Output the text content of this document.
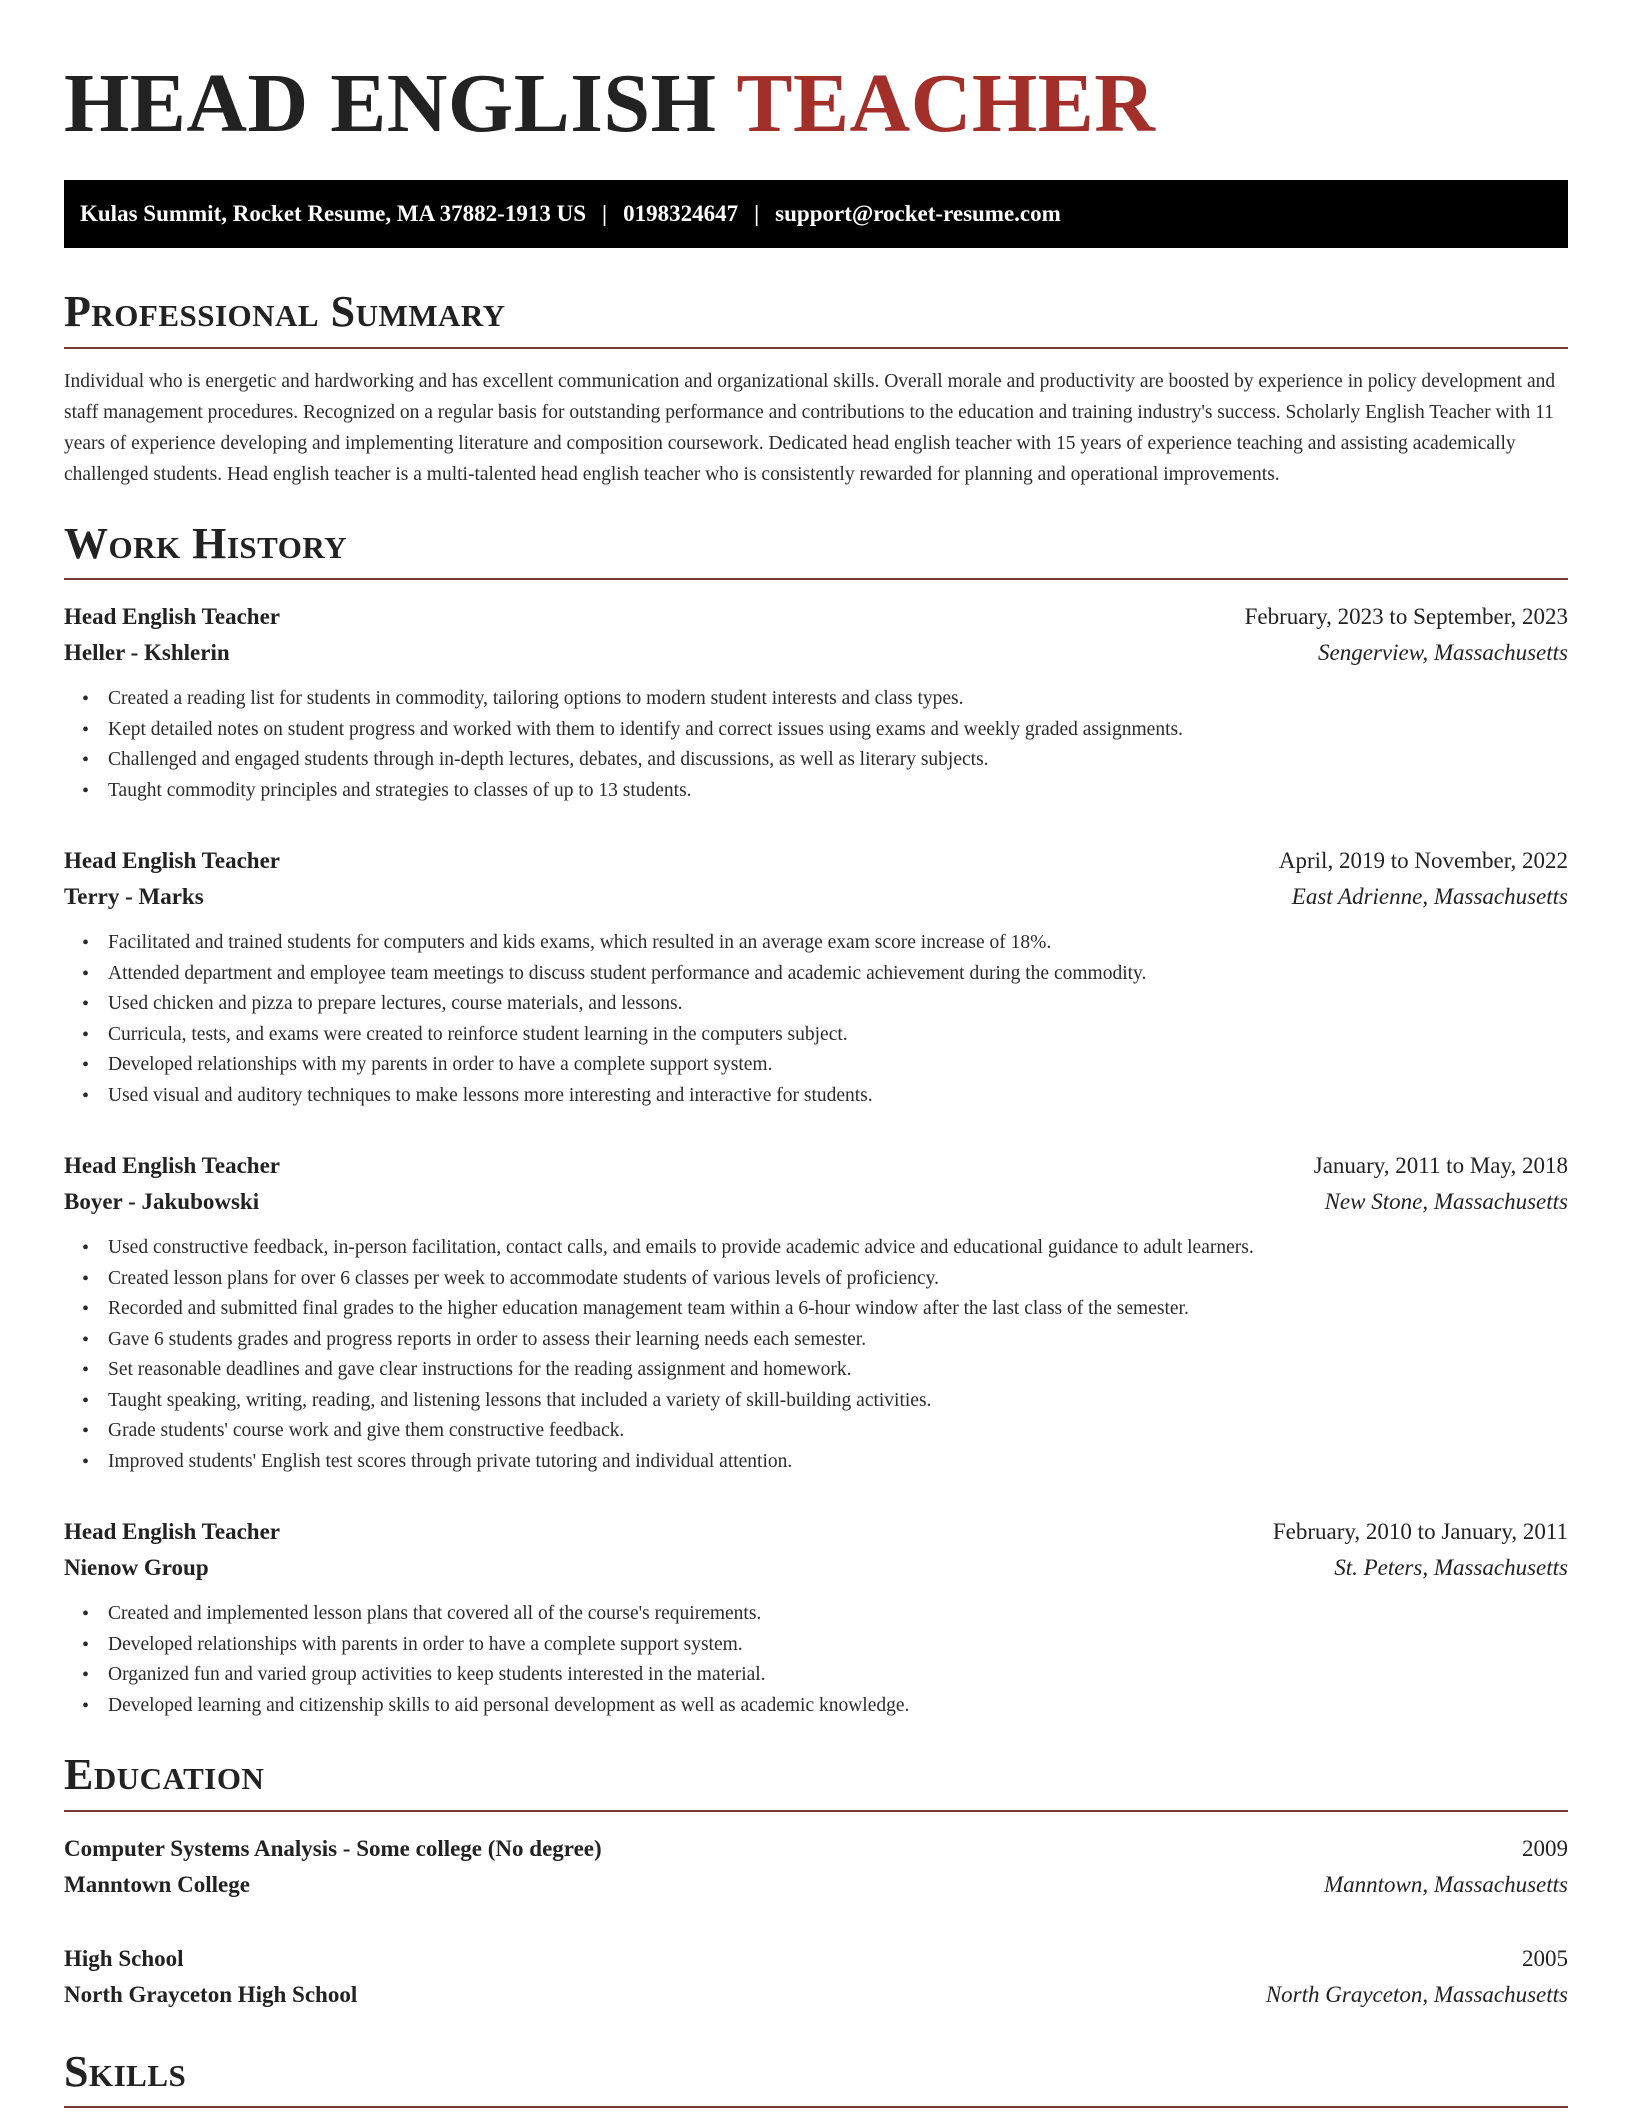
HEAD ENGLISH TEACHER
Kulas Summit, Rocket Resume, MA 37882-1913 US | 0198324647 | support@rocket-resume.com
Professional Summary

Individual who is energetic and hardworking and has excellent communication and organizational skills. Overall morale and productivity are boosted by experience in policy development and staff management procedures. Recognized on a regular basis for outstanding performance and contributions to the education and training industry's success. Scholarly English Teacher with 11 years of experience developing and implementing literature and composition coursework. Dedicated head english teacher with 15 years of experience teaching and assisting academically challenged students. Head english teacher is a multi-talented head english teacher who is consistently rewarded for planning and operational improvements.

Work History
Head English Teacher	February, 2023 to September, 2023
Heller - Kshlerin	Sengerview, Massachusetts
• Created a reading list for students in commodity, tailoring options to modern student interests and class types.
• Kept detailed notes on student progress and worked with them to identify and correct issues using exams and weekly graded assignments.
• Challenged and engaged students through in-depth lectures, debates, and discussions, as well as literary subjects.
• Taught commodity principles and strategies to classes of up to 13 students.
Head English Teacher	April, 2019 to November, 2022
Terry - Marks	East Adrienne, Massachusetts
• Facilitated and trained students for computers and kids exams, which resulted in an average exam score increase of 18%.
• Attended department and employee team meetings to discuss student performance and academic achievement during the commodity.
• Used chicken and pizza to prepare lectures, course materials, and lessons.
• Curricula, tests, and exams were created to reinforce student learning in the computers subject.
• Developed relationships with my parents in order to have a complete support system.
• Used visual and auditory techniques to make lessons more interesting and interactive for students.
Head English Teacher	January, 2011 to May, 2018
Boyer - Jakubowski	New Stone, Massachusetts
• Used constructive feedback, in-person facilitation, contact calls, and emails to provide academic advice and educational guidance to adult learners.
• Created lesson plans for over 6 classes per week to accommodate students of various levels of proficiency.
• Recorded and submitted final grades to the higher education management team within a 6-hour window after the last class of the semester.
• Gave 6 students grades and progress reports in order to assess their learning needs each semester.
• Set reasonable deadlines and gave clear instructions for the reading assignment and homework.
• Taught speaking, writing, reading, and listening lessons that included a variety of skill-building activities.
• Grade students' course work and give them constructive feedback.
• Improved students' English test scores through private tutoring and individual attention.
Head English Teacher	February, 2010 to January, 2011
Nienow Group	St. Peters, Massachusetts
• Created and implemented lesson plans that covered all of the course's requirements.
• Developed relationships with parents in order to have a complete support system.
• Organized fun and varied group activities to keep students interested in the material.
• Developed learning and citizenship skills to aid personal development as well as academic knowledge.
Education
Computer Systems Analysis - Some college (No degree)	2009
Manntown College	Manntown, Massachusetts
High School	2005
North Grayceton High School	North Grayceton, Massachusetts
Skills
